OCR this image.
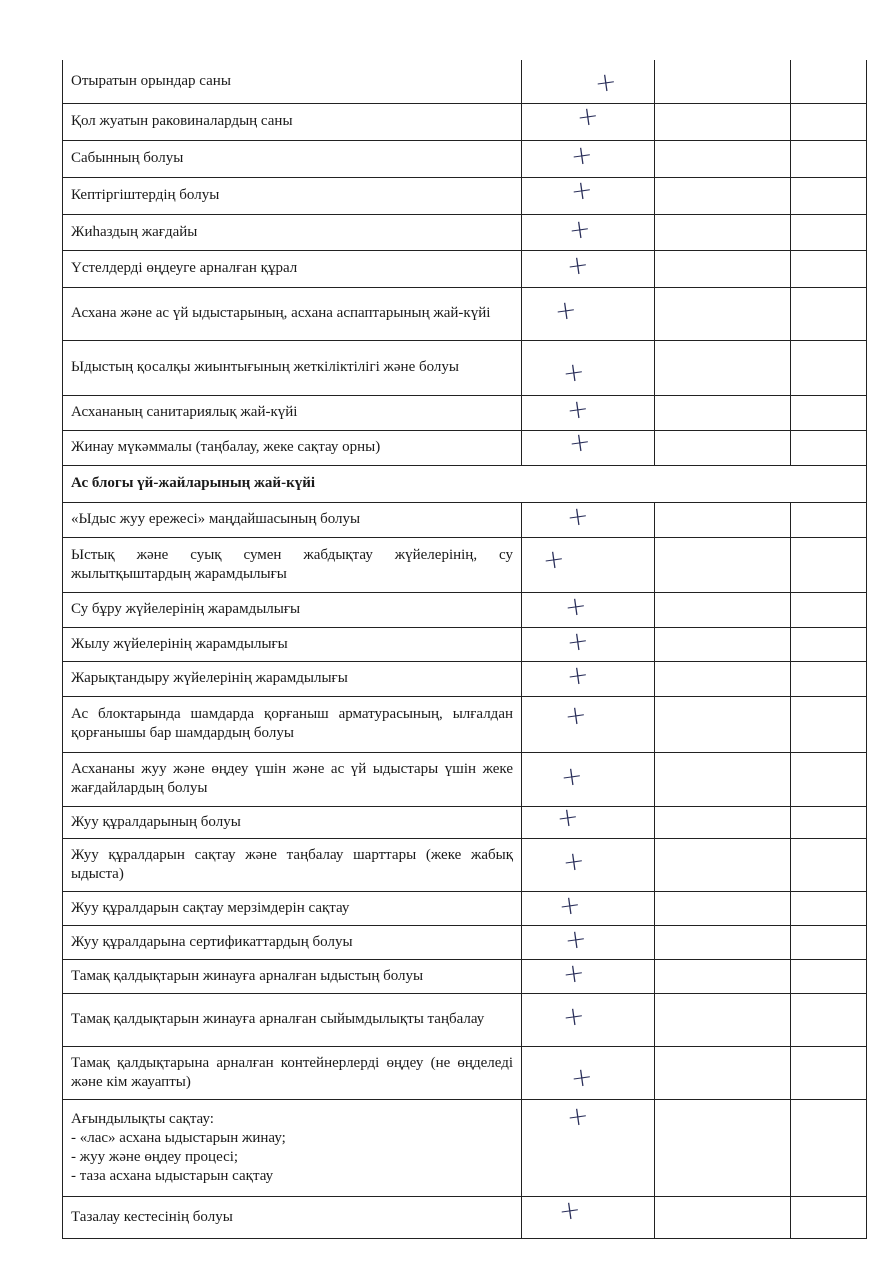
Отыратын орындар саны	+		
Қол жуатын раковиналардың саны	+		
Сабынның болуы	+		
Кептіргіштердің болуы	+		
Жиһаздың жағдайы	+		
Үстелдерді өңдеуге арналған құрал	+		
Асхана және ас үй ыдыстарының, асхана аспаптарының жай-күйі	+		
Ыдыстың қосалқы жиынтығының жеткіліктілігі және болуы	+		
Асхананың санитариялық жай-күйі	+		
Жинау мүкәммалы (таңбалау, жеке сақтау орны)	+		
Ас блогы үй-жайларының жай-күйі			
«Ыдыс жуу ережесі» маңдайшасының болуы	+		
Ыстық және суық сумен жабдықтау жүйелерінің, су жылытқыштардың жарамдылығы	+		
Су бұру жүйелерінің жарамдылығы	+		
Жылу жүйелерінің жарамдылығы	+		
Жарықтандыру жүйелерінің жарамдылығы	+		
Ас блоктарында шамдарда қорғаныш арматурасының, ылғалдан қорғанышы бар шамдардың болуы	+		
Асхананы жуу және өңдеу үшін және ас үй ыдыстары үшін жеке жағдайлардың болуы	+		
Жуу құралдарының болуы	+		
Жуу құралдарын сақтау және таңбалау шарттары (жеке жабық ыдыста)	+		
Жуу құралдарын сақтау мерзімдерін сақтау	+		
Жуу құралдарына сертификаттардың болуы	+		
Тамақ қалдықтарын жинауға арналған ыдыстың болуы	+		
Тамақ қалдықтарын жинауға арналған сыйымдылықты таңбалау	+		
Тамақ қалдықтарына арналған контейнерлерді өңдеу (не өңделеді және кім жауапты)	+		

Ағындылықты сақтау:
- «лас» асхана ыдыстарын жинау;
- жуу және өңдеу процесі;
- таза асхана ыдыстарын сақтау	+		
Тазалау кестесінің болуы	+		
